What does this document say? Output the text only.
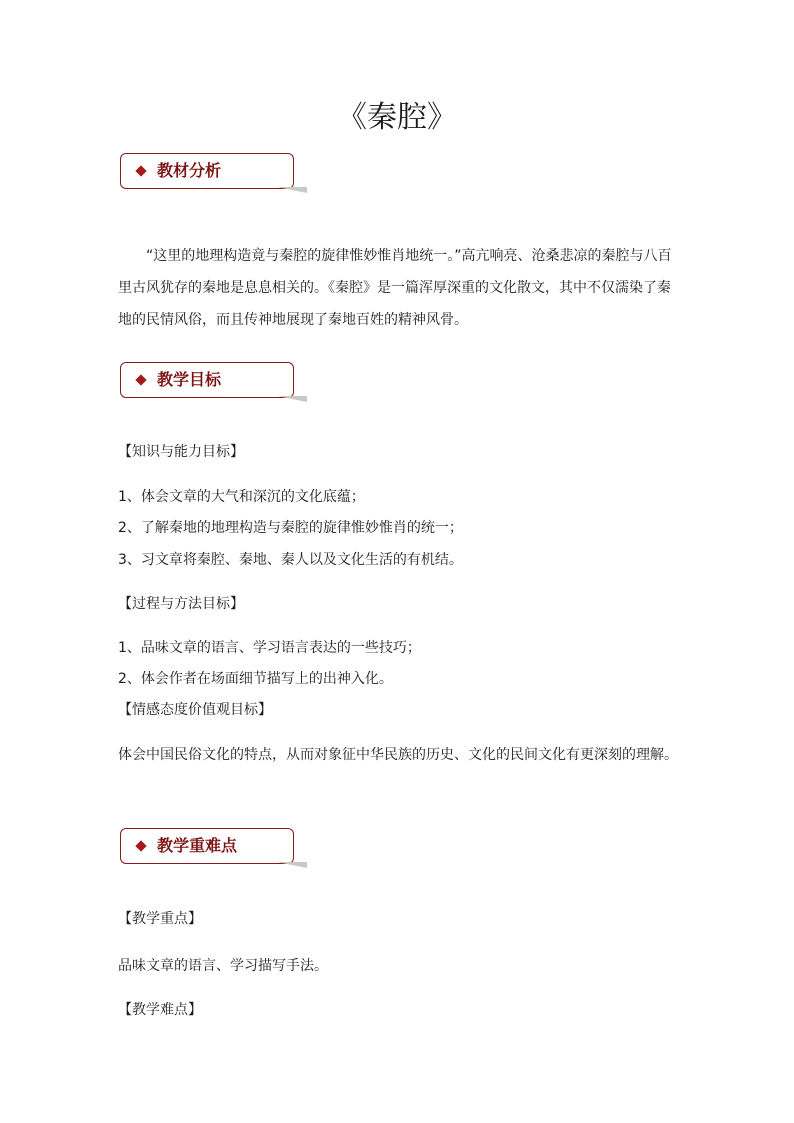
《秦腔》
教材分析

“这里的地理构造竟与秦腔的旋律惟妙惟肖地统一。”高亢响亮、沧桑悲凉的秦腔与八百里古风犹存的秦地是息息相关的。《秦腔》是一篇浑厚深重的文化散文，其中不仅濡染了秦地的民情风俗，而且传神地展现了秦地百姓的精神风骨。

教学目标

【知识与能力目标】

1、体会文章的大气和深沉的文化底蕴；

2、了解秦地的地理构造与秦腔的旋律惟妙惟肖的统一；

3、习文章将秦腔、秦地、秦人以及文化生活的有机结。

【过程与方法目标】

1、品味文章的语言、学习语言表达的一些技巧；

2、体会作者在场面细节描写上的出神入化。

【情感态度价值观目标】

体会中国民俗文化的特点，从而对象征中华民族的历史、文化的民间文化有更深刻的理解。

教学重难点

【教学重点】

品味文章的语言、学习描写手法。

【教学难点】
